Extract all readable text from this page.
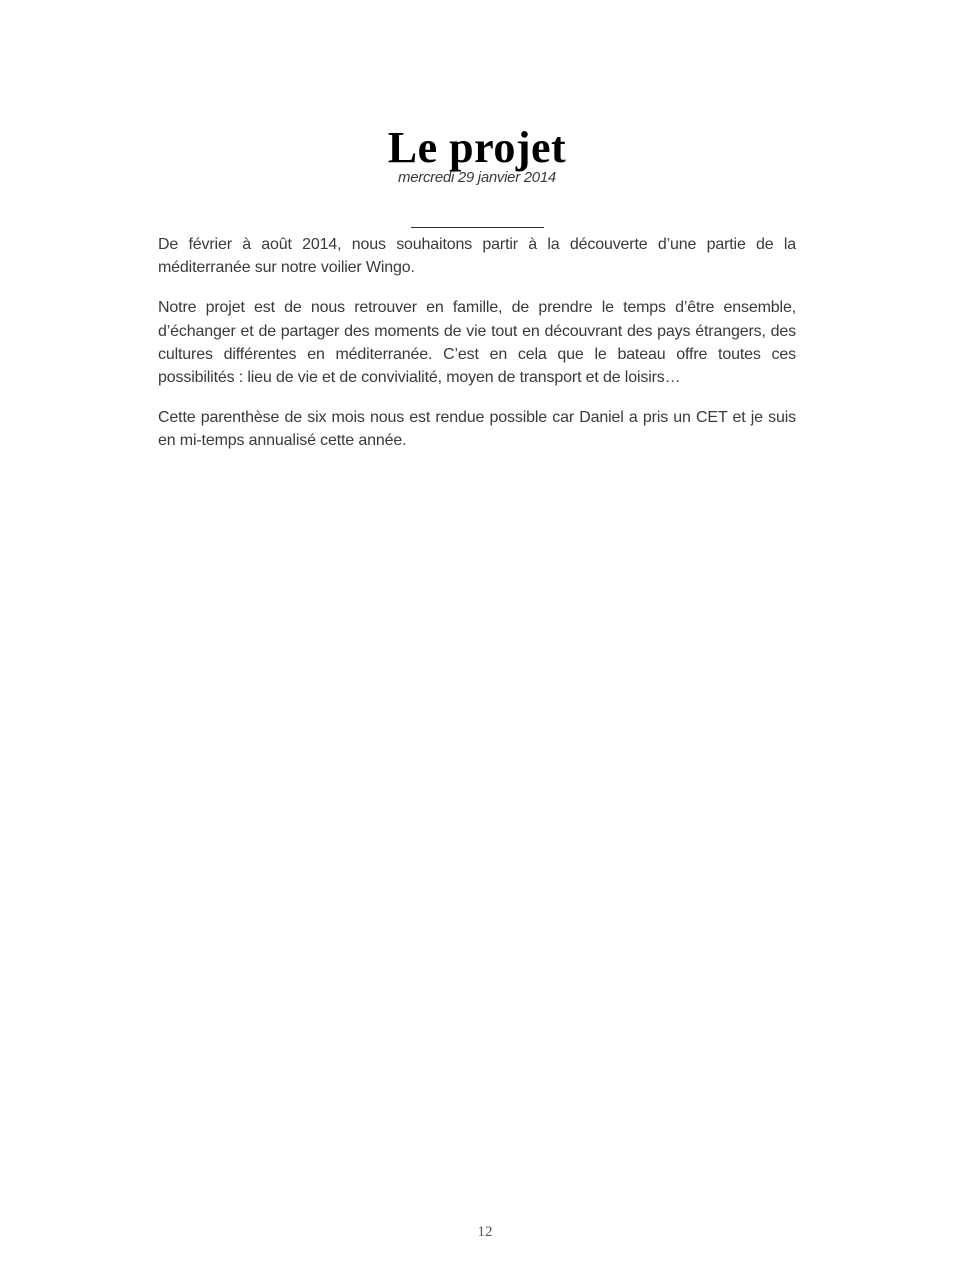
Le projet
mercredi 29 janvier 2014

De février à août 2014, nous souhaitons partir à la découverte d’une partie de la méditerranée sur notre voilier Wingo.

Notre projet est de nous retrouver en famille, de prendre le temps d’être ensemble, d’échanger et de partager des moments de vie tout en découvrant des pays étrangers, des cultures différentes en méditerranée. C’est en cela que le bateau offre toutes ces possibilités : lieu de vie et de convivialité, moyen de transport et de loisirs…

Cette parenthèse de six mois nous est rendue possible car Daniel a pris un CET et je suis en mi-temps annualisé cette année.

12
